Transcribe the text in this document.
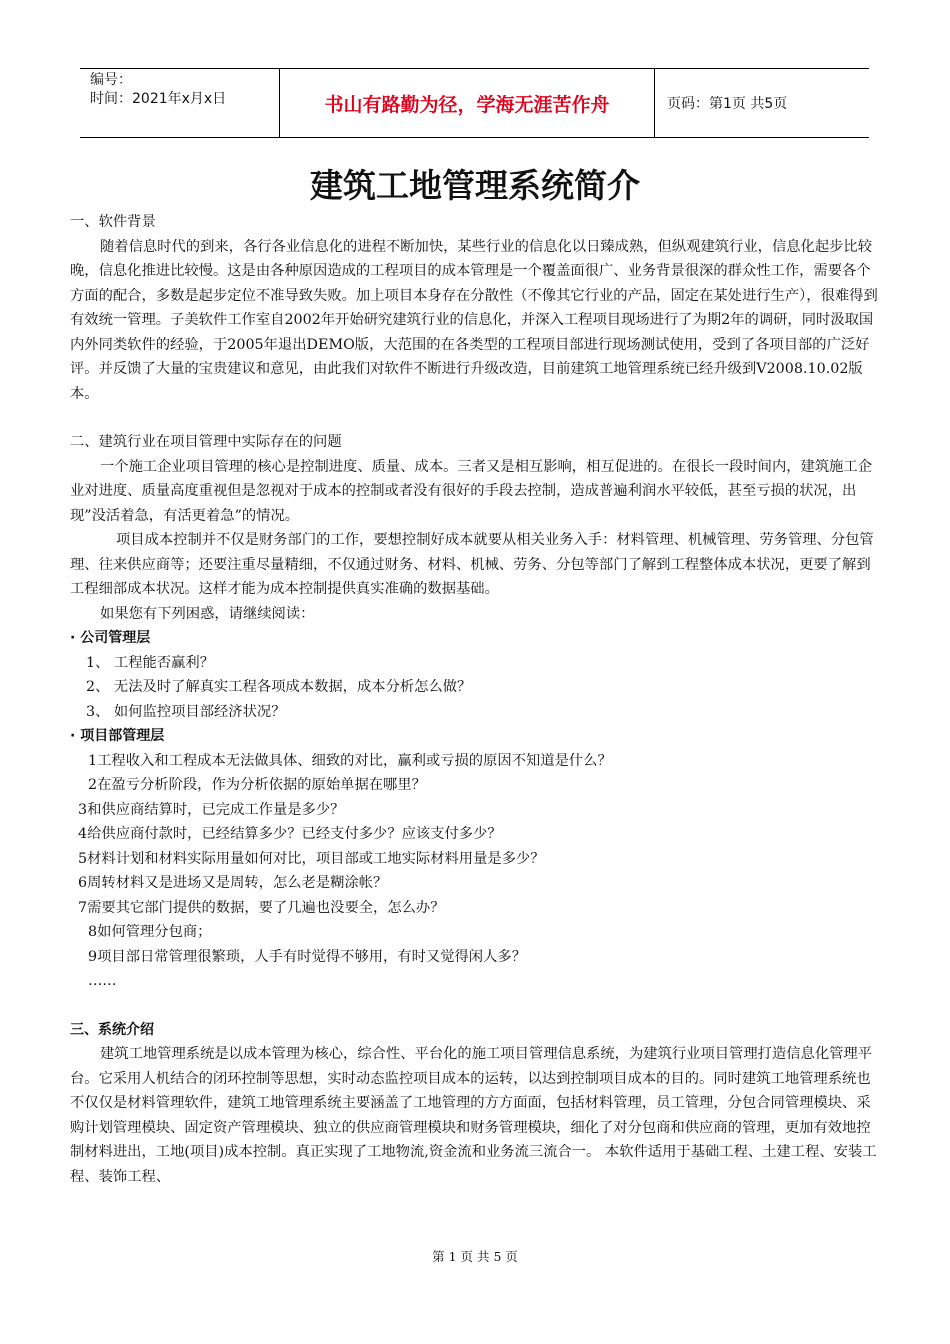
编号：
时间：2021年x月x日	书山有路勤为径，学海无涯苦作舟	页码：第1页 共5页
建筑工地管理系统简介

一、软件背景

随着信息时代的到来，各行各业信息化的进程不断加快，某些行业的信息化以日臻成熟，但纵观建筑行业，信息化起步比较晚，信息化推进比较慢。这是由各种原因造成的工程项目的成本管理是一个覆盖面很广、业务背景很深的群众性工作，需要各个方面的配合，多数是起步定位不准导致失败。加上项目本身存在分散性（不像其它行业的产品，固定在某处进行生产），很难得到有效统一管理。子美软件工作室自2002年开始研究建筑行业的信息化，并深入工程项目现场进行了为期2年的调研，同时汲取国内外同类软件的经验，于2005年退出DEMO版，大范围的在各类型的工程项目部进行现场测试使用，受到了各项目部的广泛好评。并反馈了大量的宝贵建议和意见，由此我们对软件不断进行升级改造，目前建筑工地管理系统已经升级到V2008.10.02版本。

二、建筑行业在项目管理中实际存在的问题

一个施工企业项目管理的核心是控制进度、质量、成本。三者又是相互影响，相互促进的。在很长一段时间内，建筑施工企业对进度、质量高度重视但是忽视对于成本的控制或者没有很好的手段去控制，造成普遍利润水平较低，甚至亏损的状况，出现”没活着急，有活更着急”的情况。

项目成本控制并不仅是财务部门的工作，要想控制好成本就要从相关业务入手：材料管理、机械管理、劳务管理、分包管理、往来供应商等；还要注重尽量精细，不仅通过财务、材料、机械、劳务、分包等部门了解到工程整体成本状况，更要了解到工程细部成本状况。这样才能为成本控制提供真实准确的数据基础。

如果您有下列困惑，请继续阅读：

· 公司管理层

1、 工程能否赢利？

2、 无法及时了解真实工程各项成本数据，成本分析怎么做？

3、 如何监控项目部经济状况？

· 项目部管理层

1工程收入和工程成本无法做具体、细致的对比，赢利或亏损的原因不知道是什么？

2在盈亏分析阶段，作为分析依据的原始单据在哪里？

3和供应商结算时，已完成工作量是多少？

4给供应商付款时，已经结算多少？已经支付多少？应该支付多少？

5材料计划和材料实际用量如何对比，项目部或工地实际材料用量是多少？

6周转材料又是进场又是周转，怎么老是糊涂帐？

7需要其它部门提供的数据，要了几遍也没要全，怎么办？

8如何管理分包商；

9项目部日常管理很繁琐，人手有时觉得不够用，有时又觉得闲人多？

……

三、系统介绍

建筑工地管理系统是以成本管理为核心，综合性、平台化的施工项目管理信息系统，为建筑行业项目管理打造信息化管理平台。它采用人机结合的闭环控制等思想，实时动态监控项目成本的运转，以达到控制项目成本的目的。同时建筑工地管理系统也不仅仅是材料管理软件，建筑工地管理系统主要涵盖了工地管理的方方面面，包括材料管理，员工管理，分包合同管理模块、采购计划管理模块、固定资产管理模块、独立的供应商管理模块和财务管理模块，细化了对分包商和供应商的管理，更加有效地控制材料进出，工地(项目)成本控制。真正实现了工地物流,资金流和业务流三流合一。 本软件适用于基础工程、土建工程、安装工程、装饰工程、

第 1 页 共 5 页
